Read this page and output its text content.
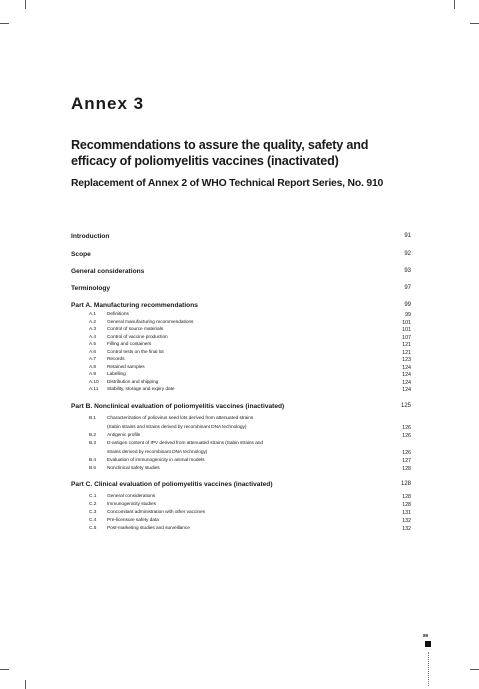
Annex 3
Recommendations to assure the quality, safety and efficacy of poliomyelitis vaccines (inactivated)
Replacement of Annex 2 of WHO Technical Report Series, No. 910
Introduction	91
Scope	92
General considerations	93
Terminology	97
Part A. Manufacturing recommendations	99
A.1	Definitions	99
A.2	General manufacturing recommendations	101
A.3	Control of source materials	101
A.4	Control of vaccine production	107
A.5	Filling and containers	121
A.6	Control tests on the final lot	121
A.7	Records	123
A.8	Retained samples	124
A.9	Labelling	124
A.10	Distribution and shipping	124
A.11	Stability, storage and expiry date	124
Part B. Nonclinical evaluation of poliomyelitis vaccines (inactivated)	125
B.1	Characterization of poliovirus seed lots derived from attenuated strains
(Sabin strains and strains derived by recombinant DNA technology)	126
B.2	Antigenic profile	126
B.3	D-antigen content of IPV derived from attenuated strains (Sabin strains and
strains derived by recombinant DNA technology)	126
B.4	Evaluation of immunogenicity in animal models	127
B.5	Nonclinical safety studies	128
Part C. Clinical evaluation of poliomyelitis vaccines (inactivated)	128
C.1	General considerations	128
C.2	Immunogenicity studies	128
C.3	Concomitant administration with other vaccines	131
C.4	Pre-licensure safety data	132
C.5	Post-marketing studies and surveillance	132
89
